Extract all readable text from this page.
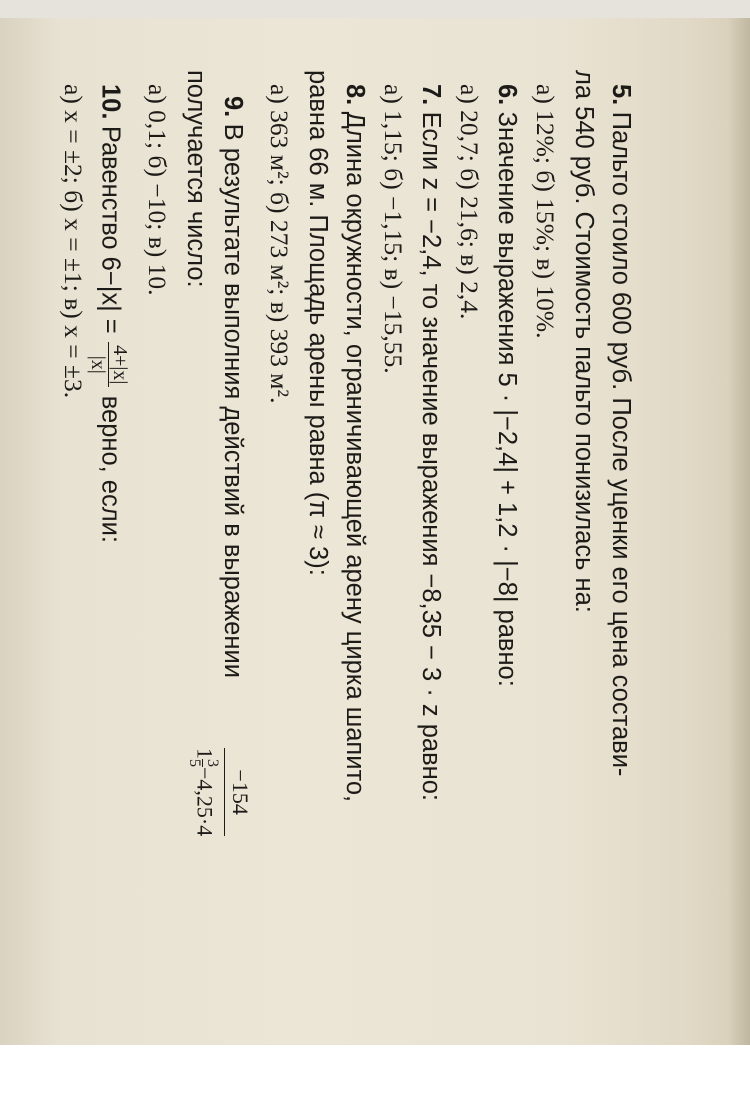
5. Пальто стоило 600 руб. После уценки его цена состави-
ла 540 руб. Стоимость пальто понизилась на:
а) 12%; б) 15%; в) 10%.
6. Значение выражения 5 · |−2,4| + 1,2 · |−8| равно:
а) 20,7; б) 21,6; в) 2,4.
7. Если z = −2,4, то значение выражения −8,35 − 3 · z равно:
а) 1,15; б) −1,15; в) −15,55.
8. Длина окружности, ограничивающей арену цирка шапито,
равна 66 м. Площадь арены равна (π ≈ 3):
а) 363 м²; б) 273 м²; в) 393 м².
9. В результате выполния действий в выражении
−154
1
3
5
−4,25·4
получается число:
а) 0,1; б) −10; в) 10.
10. Равенство 6−|x| =
4+|x|
|x|
верно, если:
а) x = ±2; б) x = ±1; в) x = ±3.
